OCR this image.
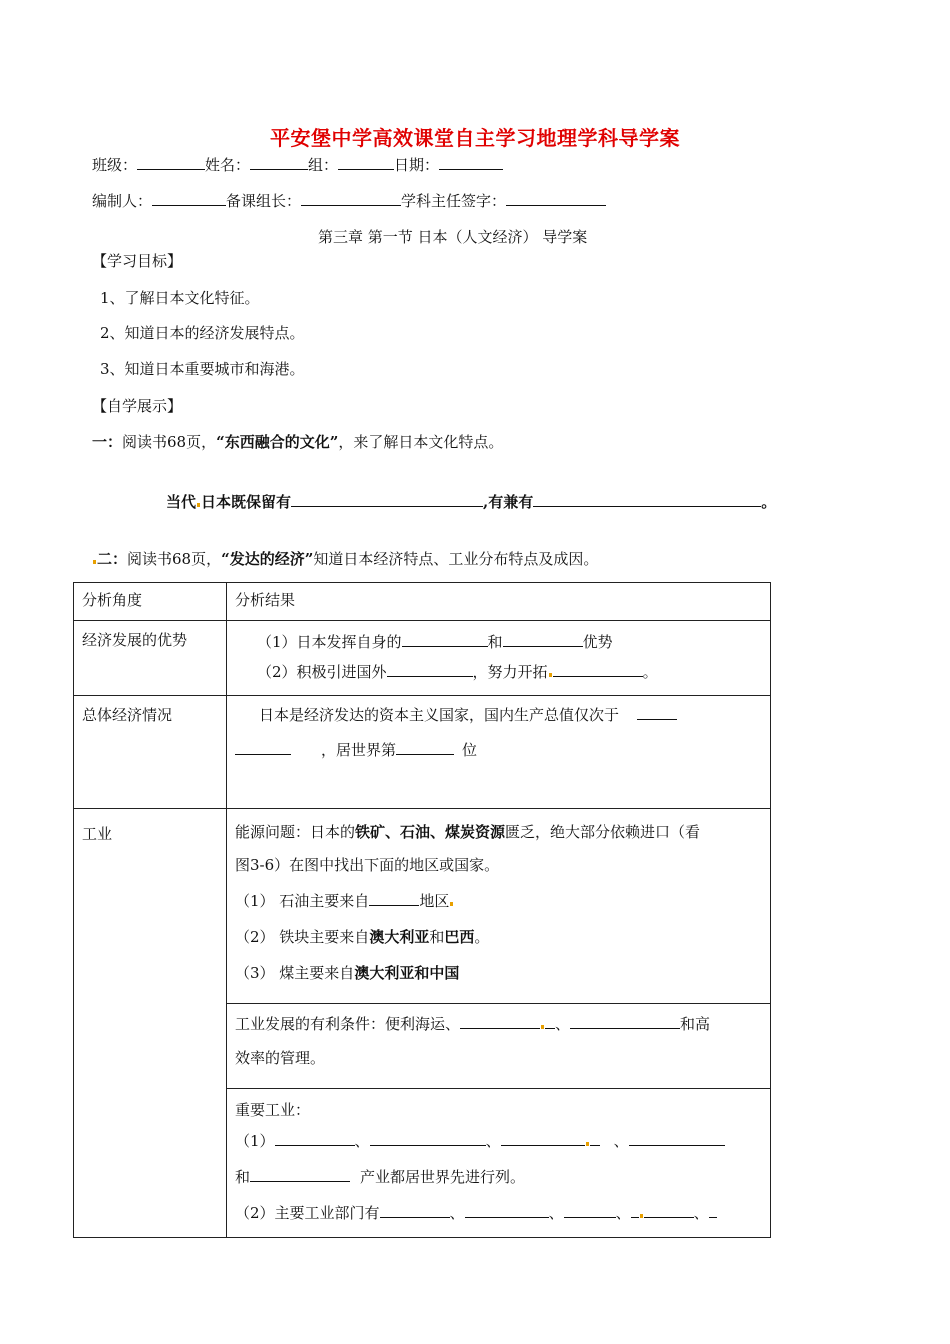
平安堡中学高效课堂自主学习地理学科导学案
班级：	姓名：	组：	日期：
编制人：	备课组长：	学科主任签字：
第三章 第一节 日本（人文经济） 导学案
【学习目标】
1、了解日本文化特征。
2、知道日本的经济发展特点。
3、知道日本重要城市和海港。
【自学展示】
一：阅读书68页，“东西融合的文化”，来了解日本文化特点。
当代 日本既保留有	,有兼有	。
二：阅读书68页，“发达的经济”知道日本经济特点、工业分布特点及成因。
分析角度	分析结果
经济发展的优势	（1）日本发挥自身的 和 优势

（2）积极引进国外 ，努力开拓 。

总体经济情况	日本是经济发达的资本主义国家，国内生产总值仅次于

，居世界第 位

工业	能源问题：日本的铁矿、石油、煤炭资源匮乏，绝大部分依赖进口（看

图3-6）在图中找出下面的地区或国家。

（1） 石油主要来自 地区

（2） 铁块主要来自澳大利亚和巴西。

（3） 煤主要来自澳大利亚和中国

	工业发展的有利条件：便利海运、 、 和高

效率的管理。

	重要工业：

（1） 、 、 、

和 产业都居世界先进行列。

（2）主要工业部门有 、 、 、 、
